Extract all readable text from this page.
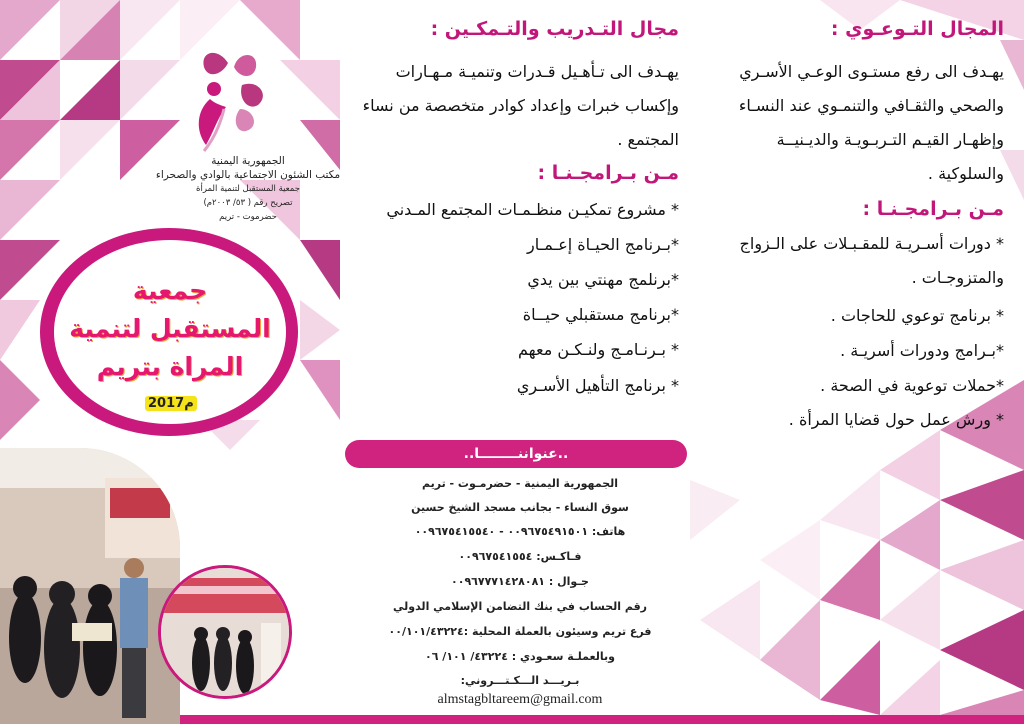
المجال التـوعـوي :
يهـدف الى رفع مستـوى الوعـي الأسـري
والصحي والثقـافي والتنمـوي عند النسـاء
وإظهـار القيـم التـربـويـة والديـنيــة
والسلوكية .
مـن بـرامجـنـا :
* دورات أسـريـة للمقـبـلات على الـزواج
والمتزوجـات .
* برنامج توعوي للحاجات .
*بـرامج ودورات أسريـة .
*حملات توعوية في الصحة .
* ورش عمل حول قضايا المرأة .
مجال التـدريب والتـمكـين :
يهـدف الى تـأهـيل قـدرات وتنميـة مـهـارات
وإكساب خبرات وإعداد كوادر متخصصة من نساء
المجتمع .
مـن بـرامجـنـا :
* مشروع تمكيـن منظـمـات المجتمع المـدني
*بـرنامج الحيـاة إعـمـار
*برنلمج مهنتي بين يدي
*برنامج مستقبلي حيــاة
* بـرنـامـج ولنـكـن معهم
* برنامج التأهيل الأسـري
الجمهورية اليمنية
مكتب الشئون الاجتماعية بالوادي والصحراء
جمعية المستقبل لتنمية المرأة
تصريح رقم ( ٥٣/ ٢٠٠٣م)
حضرموت - تريم
جمعية
المستقبل لتنمية
المراة بتريم
2017م
..عنواننــــــــا..
الجمهورية اليمنية - حضرمـوت - تريم
سوق النساء - بجانب مسجد الشيخ حسين
هاتف: ٠٠٩٦٧٥٤٩١٥٠١ - ٠٠٩٦٧٥٤١٥٥٤٠
فـاكـس: ٠٠٩٦٧٥٤١٥٥٤
جـوال : ٠٠٩٦٧٧٧١٤٢٨٠٨١
رقم الحساب في بنك التضامن الإسلامي الدولي
فرع تريم وسيئون بالعملة المحلية :٠٠/١٠١/٤٣٢٢٤
وبالعملـة سعـودي : ٤٣٢٢٤/ ١٠١/ ٠٦
بـريـــد الـــكـتـــروني:
almstagbltareem@gmail.com
